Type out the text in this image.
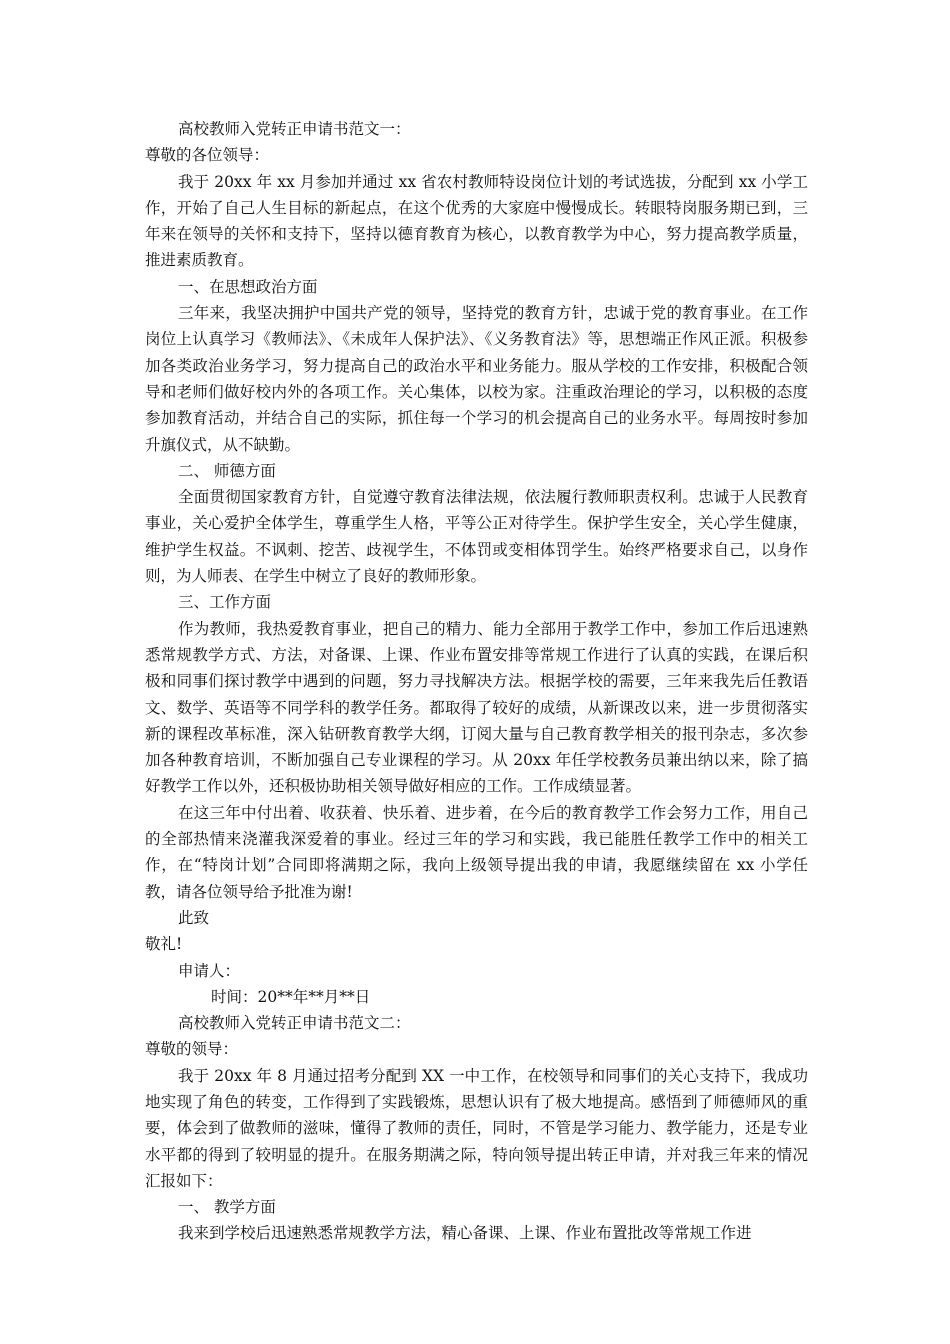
高校教师入党转正申请书范文一：

尊敬的各位领导：

我于 20xx 年 xx 月参加并通过 xx 省农村教师特设岗位计划的考试选拔，分配到 xx 小学工作，开始了自己人生目标的新起点，在这个优秀的大家庭中慢慢成长。转眼特岗服务期已到，三年来在领导的关怀和支持下，坚持以德育教育为核心，以教育教学为中心，努力提高教学质量，推进素质教育。

一、在思想政治方面

三年来，我坚决拥护中国共产党的领导，坚持党的教育方针，忠诚于党的教育事业。在工作岗位上认真学习《教师法》、《未成年人保护法》、《义务教育法》等，思想端正作风正派。积极参加各类政治业务学习，努力提高自己的政治水平和业务能力。服从学校的工作安排，积极配合领导和老师们做好校内外的各项工作。关心集体，以校为家。注重政治理论的学习，以积极的态度参加教育活动，并结合自己的实际，抓住每一个学习的机会提高自己的业务水平。每周按时参加升旗仪式，从不缺勤。

二、 师德方面

全面贯彻国家教育方针，自觉遵守教育法律法规，依法履行教师职责权利。忠诚于人民教育事业，关心爱护全体学生，尊重学生人格，平等公正对待学生。保护学生安全，关心学生健康，维护学生权益。不讽刺、挖苦、歧视学生，不体罚或变相体罚学生。始终严格要求自己，以身作则，为人师表、在学生中树立了良好的教师形象。

三、工作方面

作为教师，我热爱教育事业，把自己的精力、能力全部用于教学工作中，参加工作后迅速熟悉常规教学方式、方法，对备课、上课、作业布置安排等常规工作进行了认真的实践，在课后积极和同事们探讨教学中遇到的问题，努力寻找解决方法。根据学校的需要，三年来我先后任教语文、数学、英语等不同学科的教学任务。都取得了较好的成绩，从新课改以来，进一步贯彻落实新的课程改革标准，深入钻研教育教学大纲，订阅大量与自己教育教学相关的报刊杂志，多次参加各种教育培训，不断加强自己专业课程的学习。从 20xx 年任学校教务员兼出纳以来，除了搞好教学工作以外，还积极协助相关领导做好相应的工作。工作成绩显著。

在这三年中付出着、收获着、快乐着、进步着，在今后的教育教学工作会努力工作，用自己的全部热情来浇灌我深爱着的事业。经过三年的学习和实践，我已能胜任教学工作中的相关工作，在“特岗计划”合同即将满期之际，我向上级领导提出我的申请，我愿继续留在 xx 小学任教，请各位领导给予批准为谢!

此致

敬礼!

申请人：

时间：20**年**月**日

高校教师入党转正申请书范文二：

尊敬的领导：

我于 20xx 年 8 月通过招考分配到 XX 一中工作，在校领导和同事们的关心支持下，我成功地实现了角色的转变，工作得到了实践锻炼，思想认识有了极大地提高。感悟到了师德师风的重要，体会到了做教师的滋味，懂得了教师的责任，同时，不管是学习能力、教学能力，还是专业水平都的得到了较明显的提升。在服务期满之际，特向领导提出转正申请，并对我三年来的情况汇报如下：

一、 教学方面

我来到学校后迅速熟悉常规教学方法，精心备课、上课、作业布置批改等常规工作进
